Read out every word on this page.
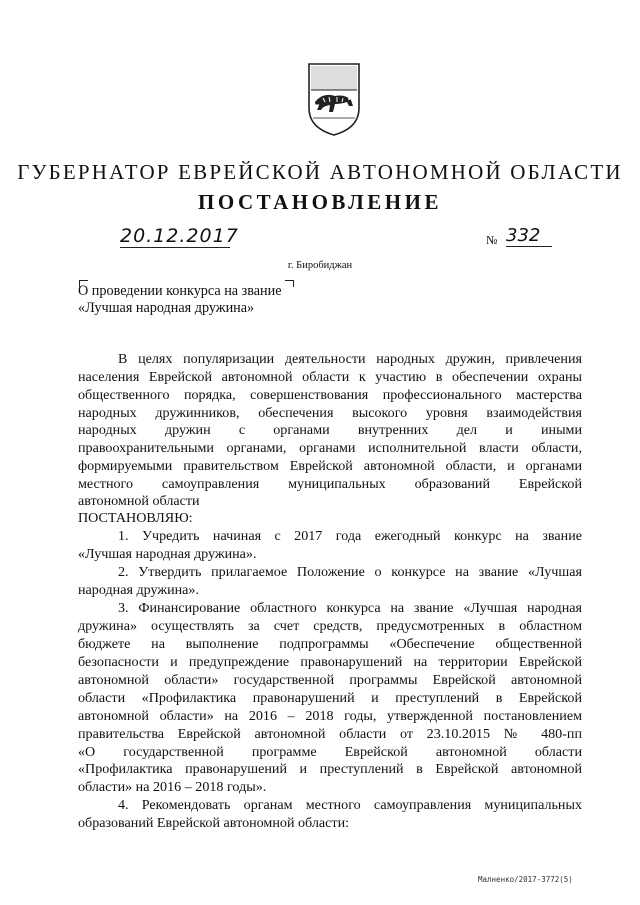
ГУБЕРНАТОР ЕВРЕЙСКОЙ АВТОНОМНОЙ ОБЛАСТИ
ПОСТАНОВЛЕНИЕ
20.12.2017	№ 332
г. Биробиджан
О проведении конкурса на звание
«Лучшая народная дружина»
В целях популяризации деятельности народных дружин, привлечения
населения Еврейской автономной области к участию в обеспечении охраны
общественного порядка, совершенствования профессионального мастерства
народных дружинников, обеспечения высокого уровня взаимодействия
народных дружин с органами внутренних дел и иными
правоохранительными органами, органами исполнительной власти области,
формируемыми правительством Еврейской автономной области, и органами
местного самоуправления муниципальных образований Еврейской
автономной области
ПОСТАНОВЛЯЮ:
1. Учредить начиная с 2017 года ежегодный конкурс на звание
«Лучшая народная дружина».
2. Утвердить прилагаемое Положение о конкурсе на звание «Лучшая
народная дружина».
3. Финансирование областного конкурса на звание «Лучшая народная
дружина» осуществлять за счет средств, предусмотренных в областном
бюджете на выполнение подпрограммы «Обеспечение общественной
безопасности и предупреждение правонарушений на территории Еврейской
автономной области» государственной программы Еврейской автономной
области «Профилактика правонарушений и преступлений в Еврейской
автономной области» на 2016 – 2018 годы, утвержденной постановлением
правительства Еврейской автономной области от 23.10.2015 № 480-пп
«О государственной программе Еврейской автономной области
«Профилактика правонарушений и преступлений в Еврейской автономной
области» на 2016 – 2018 годы».
4. Рекомендовать органам местного самоуправления муниципальных
образований Еврейской автономной области:
Малненко/2017-3772(5)
